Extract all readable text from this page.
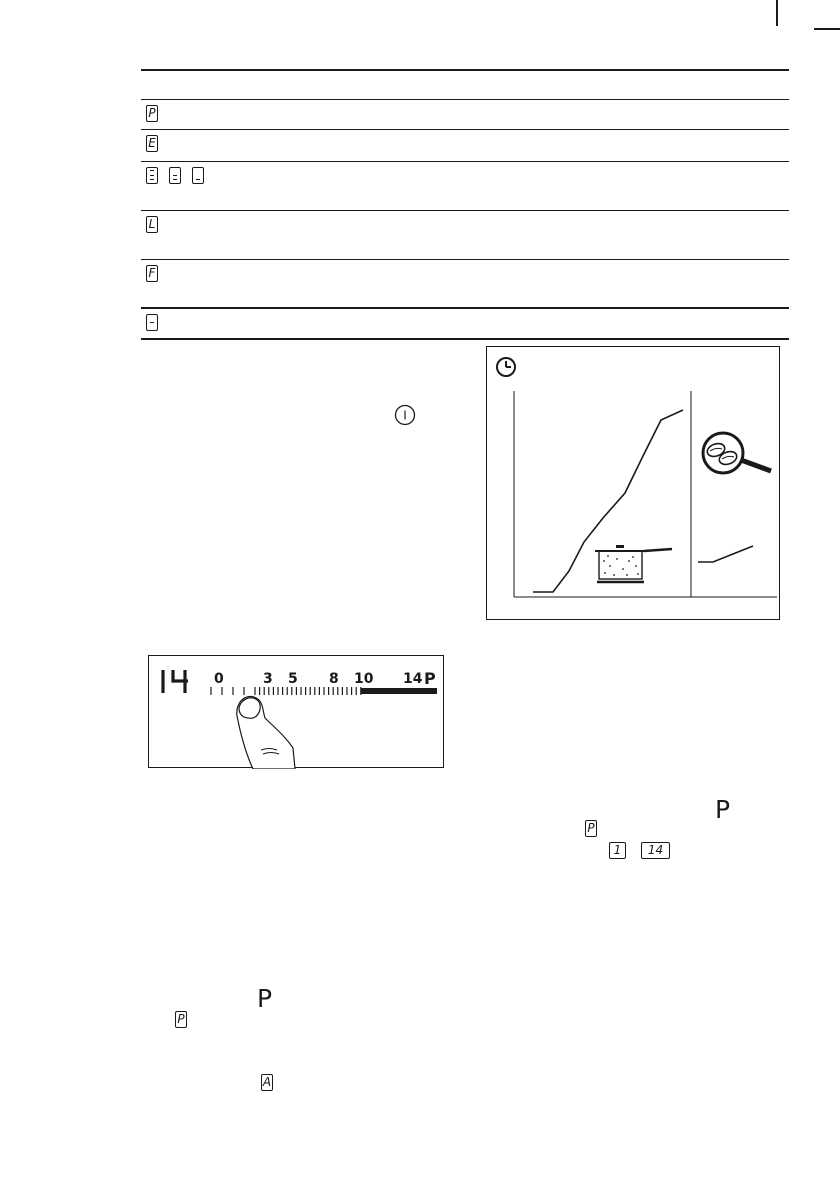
P
E
L
F
I
0	3 5 8 10 14 P
P
P
1	14
P
P
A
